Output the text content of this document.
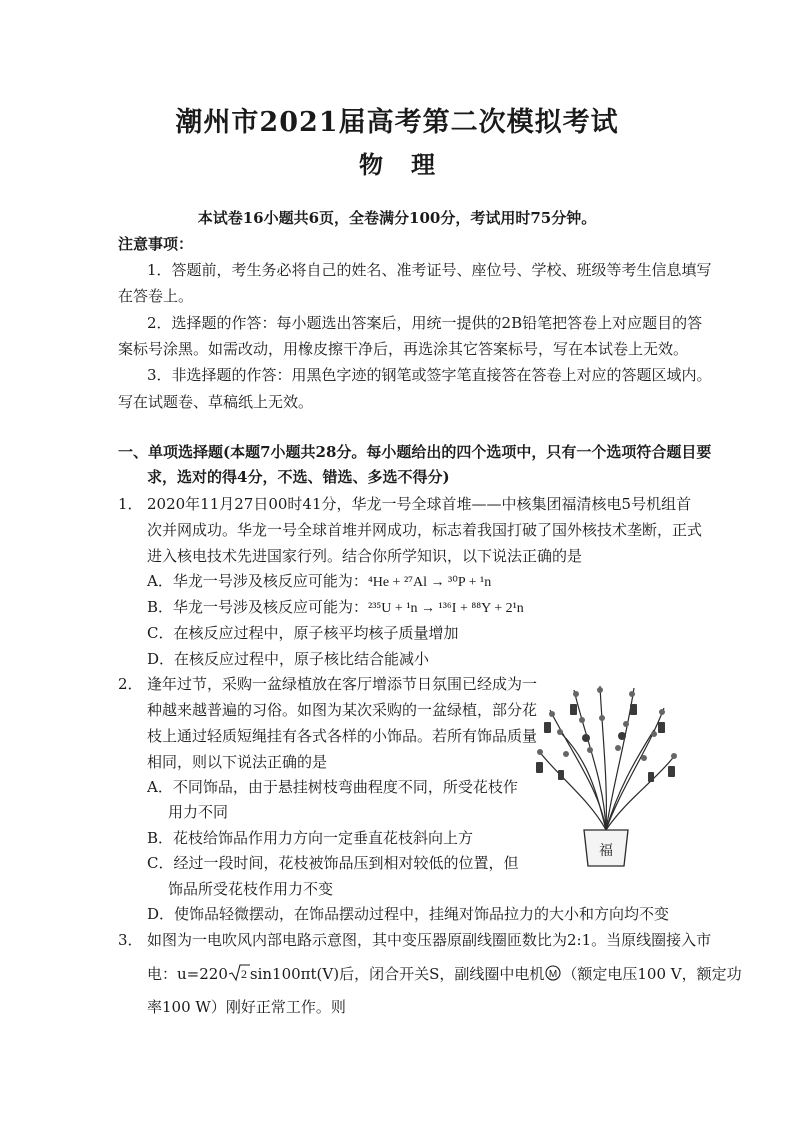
潮州市2021届高考第二次模拟考试
物 理
本试卷16小题共6页，全卷满分100分，考试用时75分钟。
注意事项：
1．答题前，考生务必将自己的姓名、准考证号、座位号、学校、班级等考生信息填写
在答卷上。
2．选择题的作答：每小题选出答案后，用统一提供的2B铅笔把答卷上对应题目的答
案标号涂黑。如需改动，用橡皮擦干净后，再选涂其它答案标号，写在本试卷上无效。
3．非选择题的作答：用黑色字迹的钢笔或签字笔直接答在答卷上对应的答题区域内。
写在试题卷、草稿纸上无效。
一、单项选择题(本题7小题共28分。每小题给出的四个选项中，只有一个选项符合题目要
求，选对的得4分，不选、错选、多选不得分)
1． 2020年11月27日00时41分，华龙一号全球首堆——中核集团福清核电5号机组首
次并网成功。华龙一号全球首堆并网成功，标志着我国打破了国外核技术垄断，正式
进入核电技术先进国家行列。结合你所学知识，以下说法正确的是
A．华龙一号涉及核反应可能为：⁴He + ²⁷Al → ³⁰P + ¹n
B．华龙一号涉及核反应可能为：²³⁵U + ¹n → ¹³⁶I + ⁸⁸Y + 2¹n
C．在核反应过程中，原子核平均核子质量增加
D．在核反应过程中，原子核比结合能减小
2． 逢年过节，采购一盆绿植放在客厅增添节日氛围已经成为一
种越来越普遍的习俗。如图为某次采购的一盆绿植，部分花
枝上通过轻质短绳挂有各式各样的小饰品。若所有饰品质量
相同，则以下说法正确的是
A．不同饰品，由于悬挂树枝弯曲程度不同，所受花枝作
用力不同
B．花枝给饰品作用力方向一定垂直花枝斜向上方
C．经过一段时间，花枝被饰品压到相对较低的位置，但
饰品所受花枝作用力不变
D．使饰品轻微摆动，在饰品摆动过程中，挂绳对饰品拉力的大小和方向均不变
福
3． 如图为一电吹风内部电路示意图，其中变压器原副线圈匝数比为2:1。当原线圈接入市
电：u=220 2 sin100πt(V)后，闭合开关S，副线圈中电机 M （额定电压100 V，额定功
率100 W）刚好正常工作。则
